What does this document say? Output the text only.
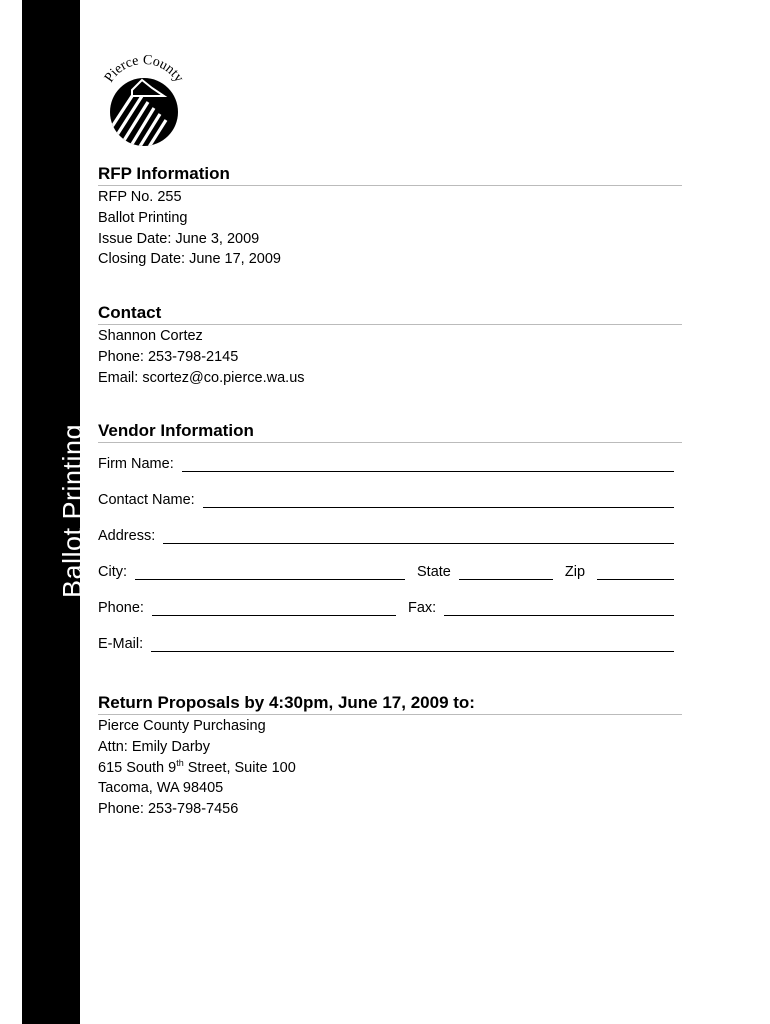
Ballot Printing
Pierce County
RFP Information
RFP No. 255
Ballot Printing
Issue Date: June 3, 2009
Closing Date: June 17, 2009
Contact
Shannon Cortez
Phone: 253-798-2145
Email: scortez@co.pierce.wa.us
Vendor Information
Firm Name:
Contact Name:
Address:
City:	State	Zip
Phone:	Fax:
E-Mail:
Return Proposals by 4:30pm, June 17, 2009 to:
Pierce County Purchasing
Attn: Emily Darby
615 South 9th Street, Suite 100
Tacoma, WA 98405
Phone: 253-798-7456
